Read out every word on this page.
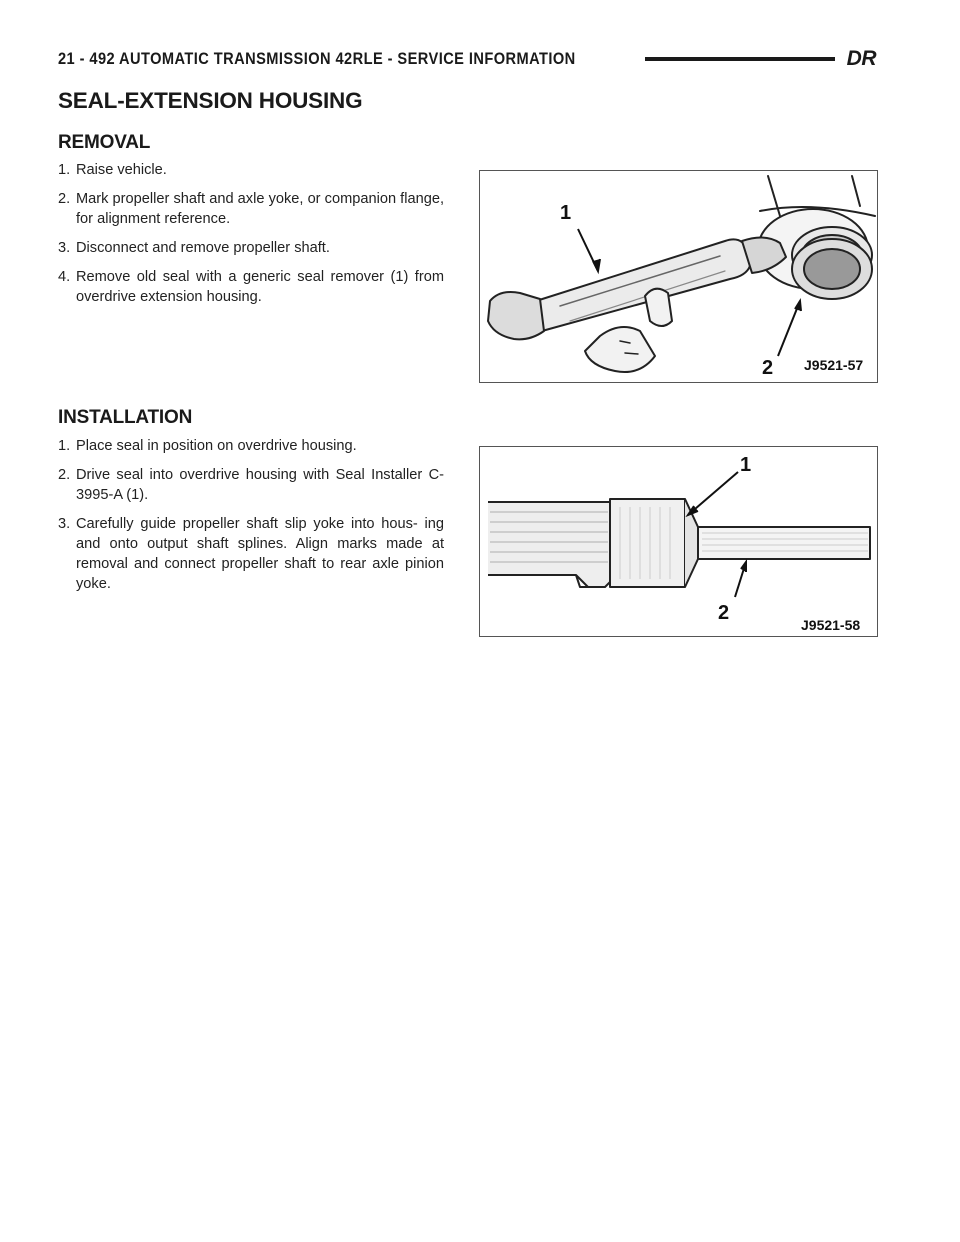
21 - 492 AUTOMATIC TRANSMISSION 42RLE - SERVICE INFORMATION	DR
SEAL-EXTENSION HOUSING
REMOVAL
1. Raise vehicle.
2. Mark propeller shaft and axle yoke, or companion flange, for alignment reference.
3. Disconnect and remove propeller shaft.
4. Remove old seal with a generic seal remover (1) from overdrive extension housing.
1
2 J9521-57
INSTALLATION
1. Place seal in position on overdrive housing.
2. Drive seal into overdrive housing with Seal Installer C-3995-A (1).
3. Carefully guide propeller shaft slip yoke into hous- ing and onto output shaft splines. Align marks made at removal and connect propeller shaft to rear axle pinion yoke.
1
2
J9521-58
